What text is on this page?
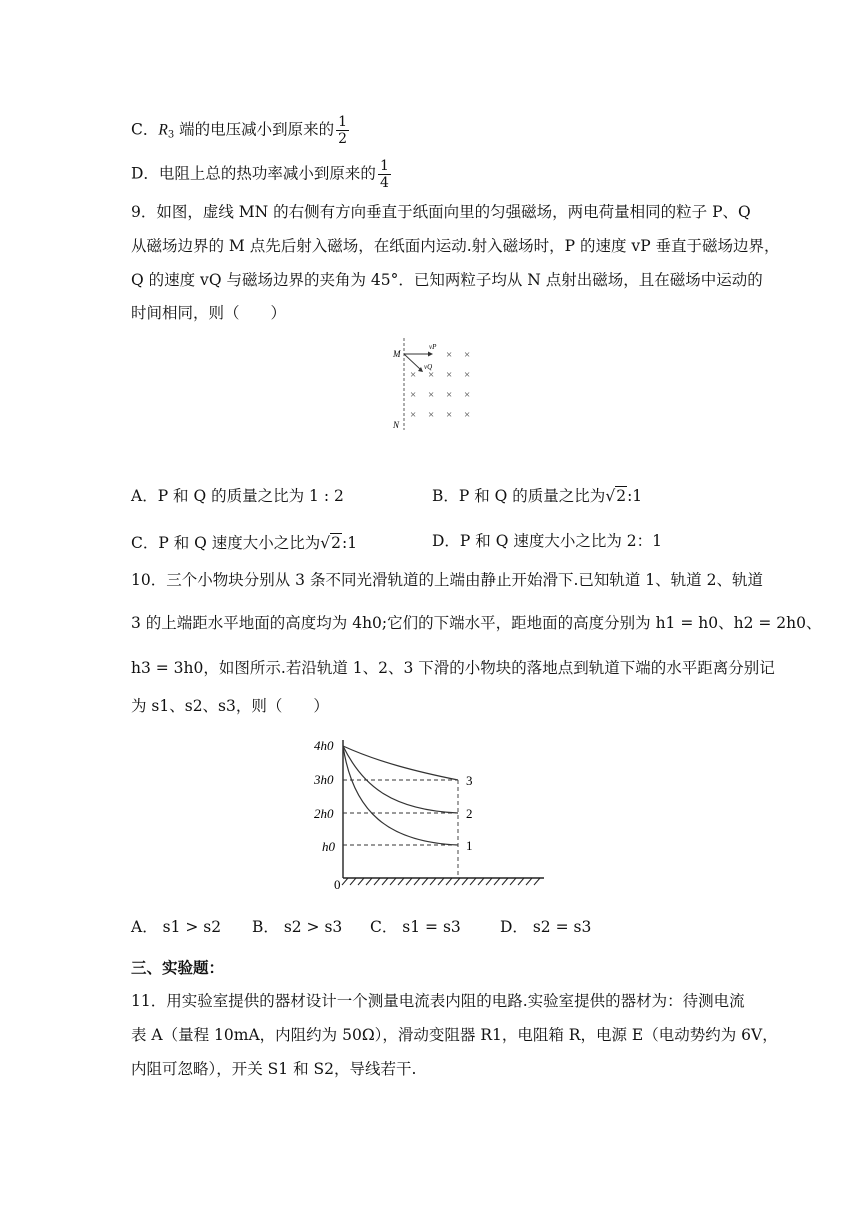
C．$R_3$ 端的电压减小到原来的 $\frac{1}{2}$
D．电阻上总的热功率减小到原来的 $\frac{1}{4}$
9．如图，虚线 MN 的右侧有方向垂直于纸面向里的匀强磁场，两电荷量相同的粒子 P、Q
从磁场边界的 M 点先后射入磁场，在纸面内运动.射入磁场时，P 的速度 vP 垂直于磁场边界，
Q 的速度 vQ 与磁场边界的夹角为 45°．已知两粒子均从 N 点射出磁场，且在磁场中运动的
时间相同，则（　　）
M
N
vP
vQ
× ×
× × × ×
× × × ×
× × × ×
A．P 和 Q 的质量之比为 1 : 2	B．P 和 Q 的质量之比为√2:1
C．P 和 Q 速度大小之比为√2:1	D．P 和 Q 速度大小之比为 2：1
10．三个小物块分别从 3 条不同光滑轨道的上端由静止开始滑下.已知轨道 1、轨道 2、轨道
3 的上端距水平地面的高度均为 4h0;它们的下端水平，距地面的高度分别为 h1 = h0、h2 = 2h0、
h3 = 3h0，如图所示.若沿轨道 1、2、3 下滑的小物块的落地点到轨道下端的水平距离分别记
为 s1、s2、s3，则（　　）
4h0
3h0
2h0
h0
0
3
2
1
A． s1 > s2 B． s2 > s3 C． s1 = s3	D． s2 = s3
三、实验题：
11．用实验室提供的器材设计一个测量电流表内阻的电路.实验室提供的器材为：待测电流
表 A（量程 10mA，内阻约为 50Ω），滑动变阻器 R1，电阻箱 R，电源 E（电动势约为 6V，
内阻可忽略），开关 S1 和 S2，导线若干.
